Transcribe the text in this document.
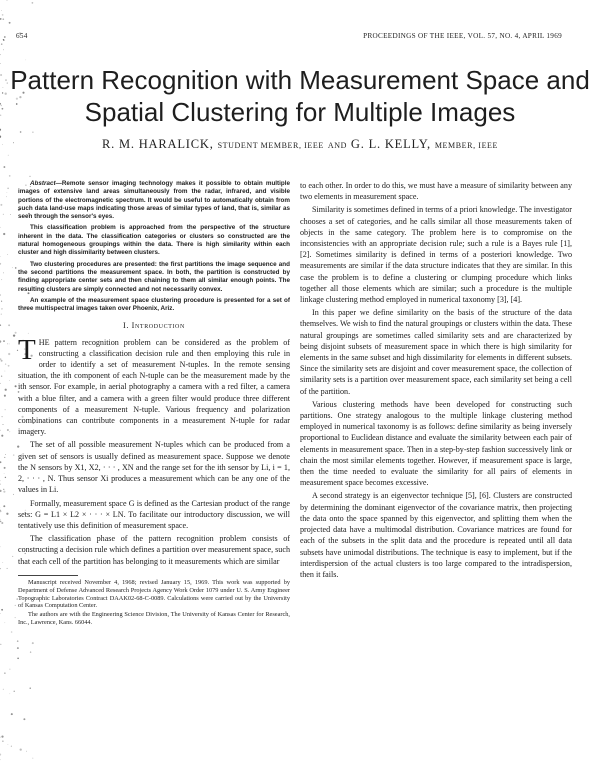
654	PROCEEDINGS OF THE IEEE, VOL. 57, NO. 4, APRIL 1969
Pattern Recognition with Measurement Space and
Spatial Clustering for Multiple Images
R. M. HARALICK, STUDENT MEMBER, IEEE AND G. L. KELLY, MEMBER, IEEE

Abstract—Remote sensor imaging technology makes it possible to obtain multiple images of extensive land areas simultaneously from the radar, infrared, and visible portions of the electromagnetic spectrum. It would be useful to automatically obtain from such data land-use maps indicating those areas of similar types of land, that is, similar as seen through the sensor's eyes.

This classification problem is approached from the perspective of the structure inherent in the data. The classification categories or clusters so constructed are the natural homogeneous groupings within the data. There is high similarity within each cluster and high dissimilarity between clusters.

Two clustering procedures are presented: the first partitions the image sequence and the second partitions the measurement space. In both, the partition is constructed by finding appropriate center sets and then chaining to them all similar enough points. The resulting clusters are simply connected and not necessarily convex.

An example of the measurement space clustering procedure is presented for a set of three multispectral images taken over Phoenix, Ariz.

I. Introduction

THE pattern recognition problem can be considered as the problem of constructing a classification decision rule and then employing this rule in order to identify a set of measurement N-tuples. In the remote sensing situation, the ith component of each N-tuple can be the measurement made by the ith sensor. For example, in aerial photography a camera with a red filter, a camera with a blue filter, and a camera with a green filter would produce three different components of a measurement N-tuple. Various frequency and polarization combinations can contribute components in a measurement N-tuple for radar imagery.

The set of all possible measurement N-tuples which can be produced from a given set of sensors is usually defined as measurement space. Suppose we denote the N sensors by X1, X2, · · · , XN and the range set for the ith sensor by Li, i = 1, 2, · · · , N. Thus sensor Xi produces a measurement which can be any one of the values in Li.

Formally, measurement space G is defined as the Cartesian product of the range sets: G = L1 × L2 × · · · × LN. To facilitate our introductory discussion, we will tentatively use this definition of measurement space.

The classification phase of the pattern recognition problem consists of constructing a decision rule which defines a partition over measurement space, such that each cell of the partition has belonging to it measurements which are similar

Manuscript received November 4, 1968; revised January 15, 1969. This work was supported by Department of Defense Advanced Research Projects Agency Work Order 1079 under U. S. Army Engineer Topographic Laboratories Contract DAAK02-68-C-0089. Calculations were carried out by the University of Kansas Computation Center.

The authors are with the Engineering Science Division, The University of Kansas Center for Research, Inc., Lawrence, Kans. 66044.

to each other. In order to do this, we must have a measure of similarity between any two elements in measurement space.

Similarity is sometimes defined in terms of a priori knowledge. The investigator chooses a set of categories, and he calls similar all those measurements taken of objects in the same category. The problem here is to compromise on the inconsistencies with an appropriate decision rule; such a rule is a Bayes rule [1], [2]. Sometimes similarity is defined in terms of a posteriori knowledge. Two measurements are similar if the data structure indicates that they are similar. In this case the problem is to define a clustering or clumping procedure which links together all those elements which are similar; such a procedure is the multiple linkage clustering method employed in numerical taxonomy [3], [4].

In this paper we define similarity on the basis of the structure of the data themselves. We wish to find the natural groupings or clusters within the data. These natural groupings are sometimes called similarity sets and are characterized by being disjoint subsets of measurement space in which there is high similarity for elements in the same subset and high dissimilarity for elements in different subsets. Since the similarity sets are disjoint and cover measurement space, the collection of similarity sets is a partition over measurement space, each similarity set being a cell of the partition.

Various clustering methods have been developed for constructing such partitions. One strategy analogous to the multiple linkage clustering method employed in numerical taxonomy is as follows: define similarity as being inversely proportional to Euclidean distance and evaluate the similarity between each pair of elements in measurement space. Then in a step-by-step fashion successively link or chain the most similar elements together. However, if measurement space is large, then the time needed to evaluate the similarity for all pairs of elements in measurement space becomes excessive.

A second strategy is an eigenvector technique [5], [6]. Clusters are constructed by determining the dominant eigenvector of the covariance matrix, then projecting the data onto the space spanned by this eigenvector, and splitting them when the projected data have a multimodal distribution. Covariance matrices are found for each of the subsets in the split data and the procedure is repeated until all data subsets have unimodal distributions. The technique is easy to implement, but if the interdispersion of the actual clusters is too large compared to the intradispersion, then it fails.
